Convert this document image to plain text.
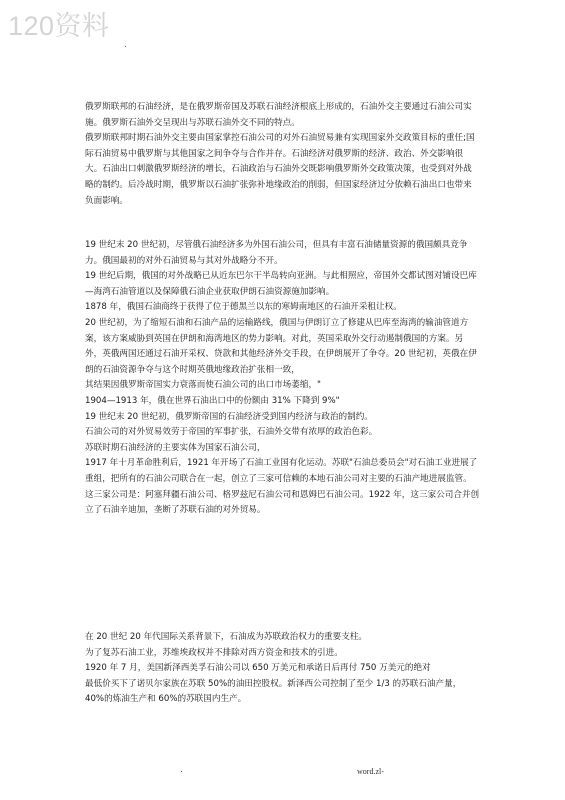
120资料
.

俄罗斯联邦的石油经济，是在俄罗斯帝国及苏联石油经济根底上形成的，石油外交主要通过石油公司实施。俄罗斯石油外交呈现出与苏联石油外交不同的特点。

俄罗斯联邦时期石油外交主要由国家掌控石油公司的对外石油贸易兼有实现国家外交政策目标的重任;国际石油贸易中俄罗斯与其他国家之间争夺与合作并存。石油经济对俄罗斯的经济、政治、外交影响很大。石油出口刺激俄罗斯经济的增长，石油政治与石油外交既影响俄罗斯外交政策决策，也受到对外战略的制约。后冷战时期，俄罗斯以石油扩张弥补地缘政治的削弱，但国家经济过分依赖石油出口也带来负面影响。

19 世纪末 20 世纪初，尽管俄石油经济多为外国石油公司，但具有丰富石油储量资源的俄国颇具竞争力。俄国最初的对外石油贸易与其对外战略分不开。

19 世纪后期，俄国的对外战略已从近东巴尔干半岛转向亚洲。与此相照应，帝国外交都试图对铺设巴库—海湾石油管道以及保障俄石油企业获取伊朗石油资源施加影响。

1878 年，俄国石油商终于获得了位于德黑兰以东的寒姆南地区的石油开采租让权。

20 世纪初，为了缩短石油和石油产品的运输路线，俄国与伊朗订立了修建从巴库至海湾的输油管道方案，该方案威胁到英国在伊朗和海湾地区的势力影响。对此，英国采取外交行动遏制俄国的方案。另外，英俄两国还通过石油开采权、贷款和其他经济外交手段，在伊朗展开了争夺。20 世纪初，英俄在伊朗的石油资源争夺与这个时期英俄地缘政治扩张相一致，

其结果因俄罗斯帝国实力衰落而使石油公司的出口市场萎缩，"

1904—1913 年，俄在世界石油出口中的份额由 31% 下降到 9%"

19 世纪末 20 世纪初，俄罗斯帝国的石油经济受到国内经济与政治的制约。

石油公司的对外贸易效劳于帝国的军事扩张，石油外交带有浓厚的政治色彩。

苏联时期石油经济的主要实体为国家石油公司，

1917 年十月革命胜利后，1921 年开场了石油工业国有化运动。苏联"石油总委员会"对石油工业进展了重组，把所有的石油公司联合在一起，创立了三家可信赖的本地石油公司对主要的石油产地进展监管。这三家公司是：阿塞拜疆石油公司、格罗兹尼石油公司和恩姆巴石油公司。1922 年，这三家公司合并创立了石油辛迪加，垄断了苏联石油的对外贸易。

在 20 世纪 20 年代国际关系背景下，石油成为苏联政治权力的重要支柱。

为了复苏石油工业，苏维埃政权并不排除对西方资金和技术的引进。

1920 年 7 月，美国新泽西美孚石油公司以 650 万美元和承诺日后再付 750 万美元的绝对

最低价买下了诺贝尔家族在苏联 50%的油田控股权。新泽西公司控制了至少 1/3 的苏联石油产量，40%的炼油生产和 60%的苏联国内生产。

.	word.zl-
